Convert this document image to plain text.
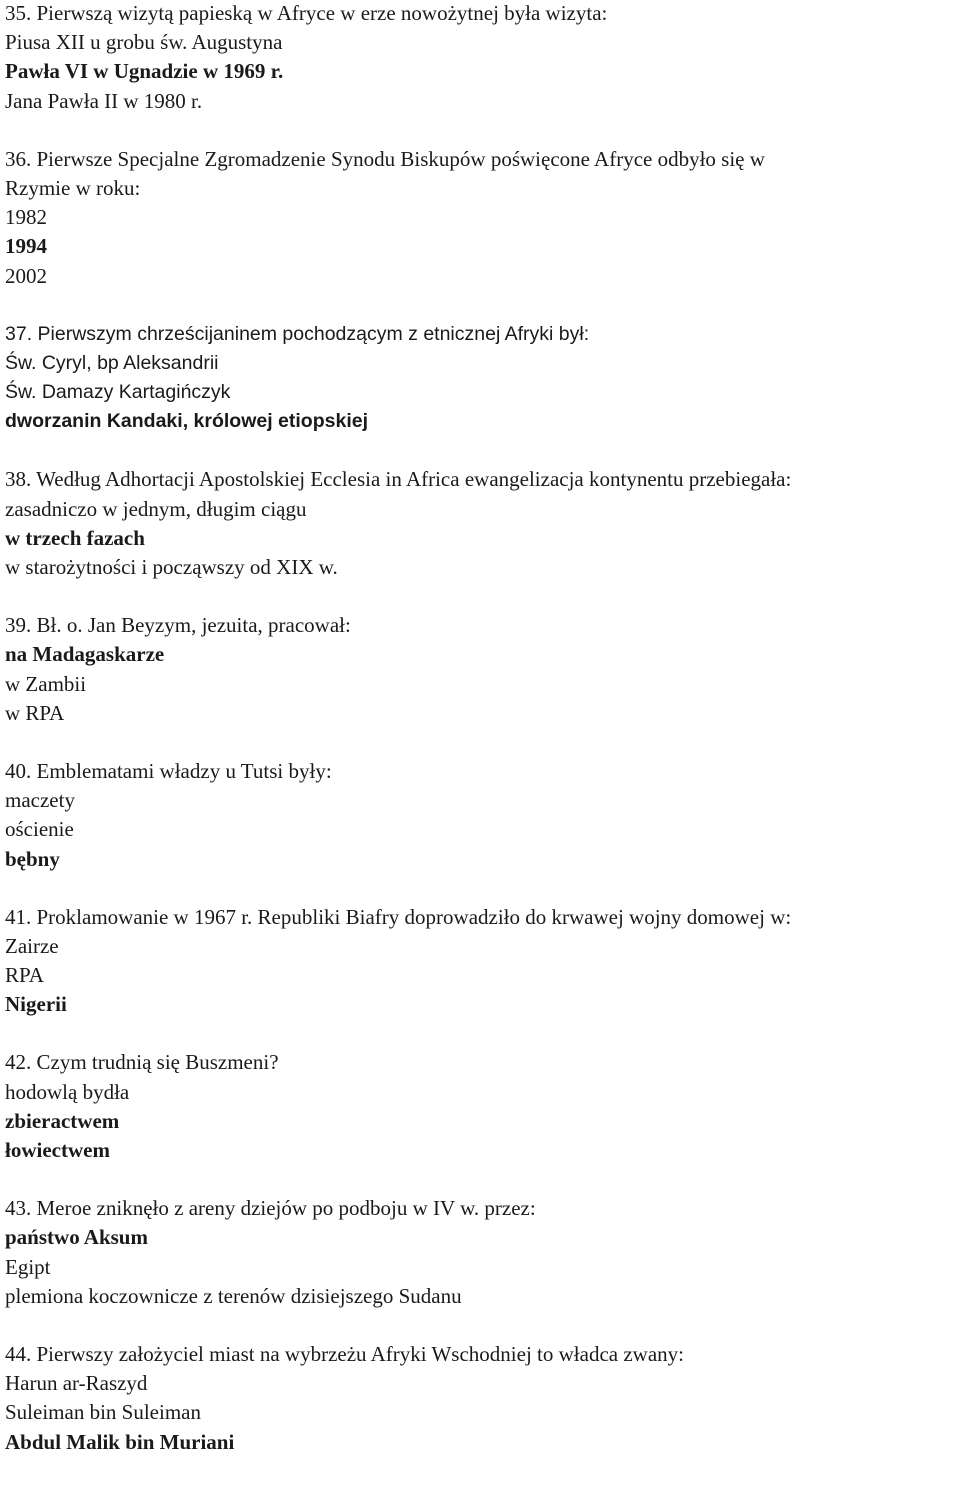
35. Pierwszą wizytą papieską w Afryce w erze nowożytnej była wizyta:
Piusa XII u grobu św. Augustyna
Pawła VI w Ugnadzie w 1969 r.
Jana Pawła II w 1980 r.
36. Pierwsze Specjalne Zgromadzenie Synodu Biskupów poświęcone Afryce odbyło się w
Rzymie w roku:
1982
1994
2002
37. Pierwszym chrześcijaninem pochodzącym z etnicznej Afryki był:
Św. Cyryl, bp Aleksandrii
Św. Damazy Kartagińczyk
dworzanin Kandaki, królowej etiopskiej
38. Według Adhortacji Apostolskiej Ecclesia in Africa ewangelizacja kontynentu przebiegała:
zasadniczo w jednym, długim ciągu
w trzech fazach
w starożytności i począwszy od XIX w.
39. Bł. o. Jan Beyzym, jezuita, pracował:
na Madagaskarze
w Zambii
w RPA
40. Emblematami władzy u Tutsi były:
maczety
ościenie
bębny
41. Proklamowanie w 1967 r. Republiki Biafry doprowadziło do krwawej wojny domowej w:
Zairze
RPA
Nigerii
42. Czym trudnią się Buszmeni?
hodowlą bydła
zbieractwem
łowiectwem
43. Meroe zniknęło z areny dziejów po podboju w IV w. przez:
państwo Aksum
Egipt
plemiona koczownicze z terenów dzisiejszego Sudanu
44. Pierwszy założyciel miast na wybrzeżu Afryki Wschodniej to władca zwany:
Harun ar-Raszyd
Suleiman bin Suleiman
Abdul Malik bin Muriani
